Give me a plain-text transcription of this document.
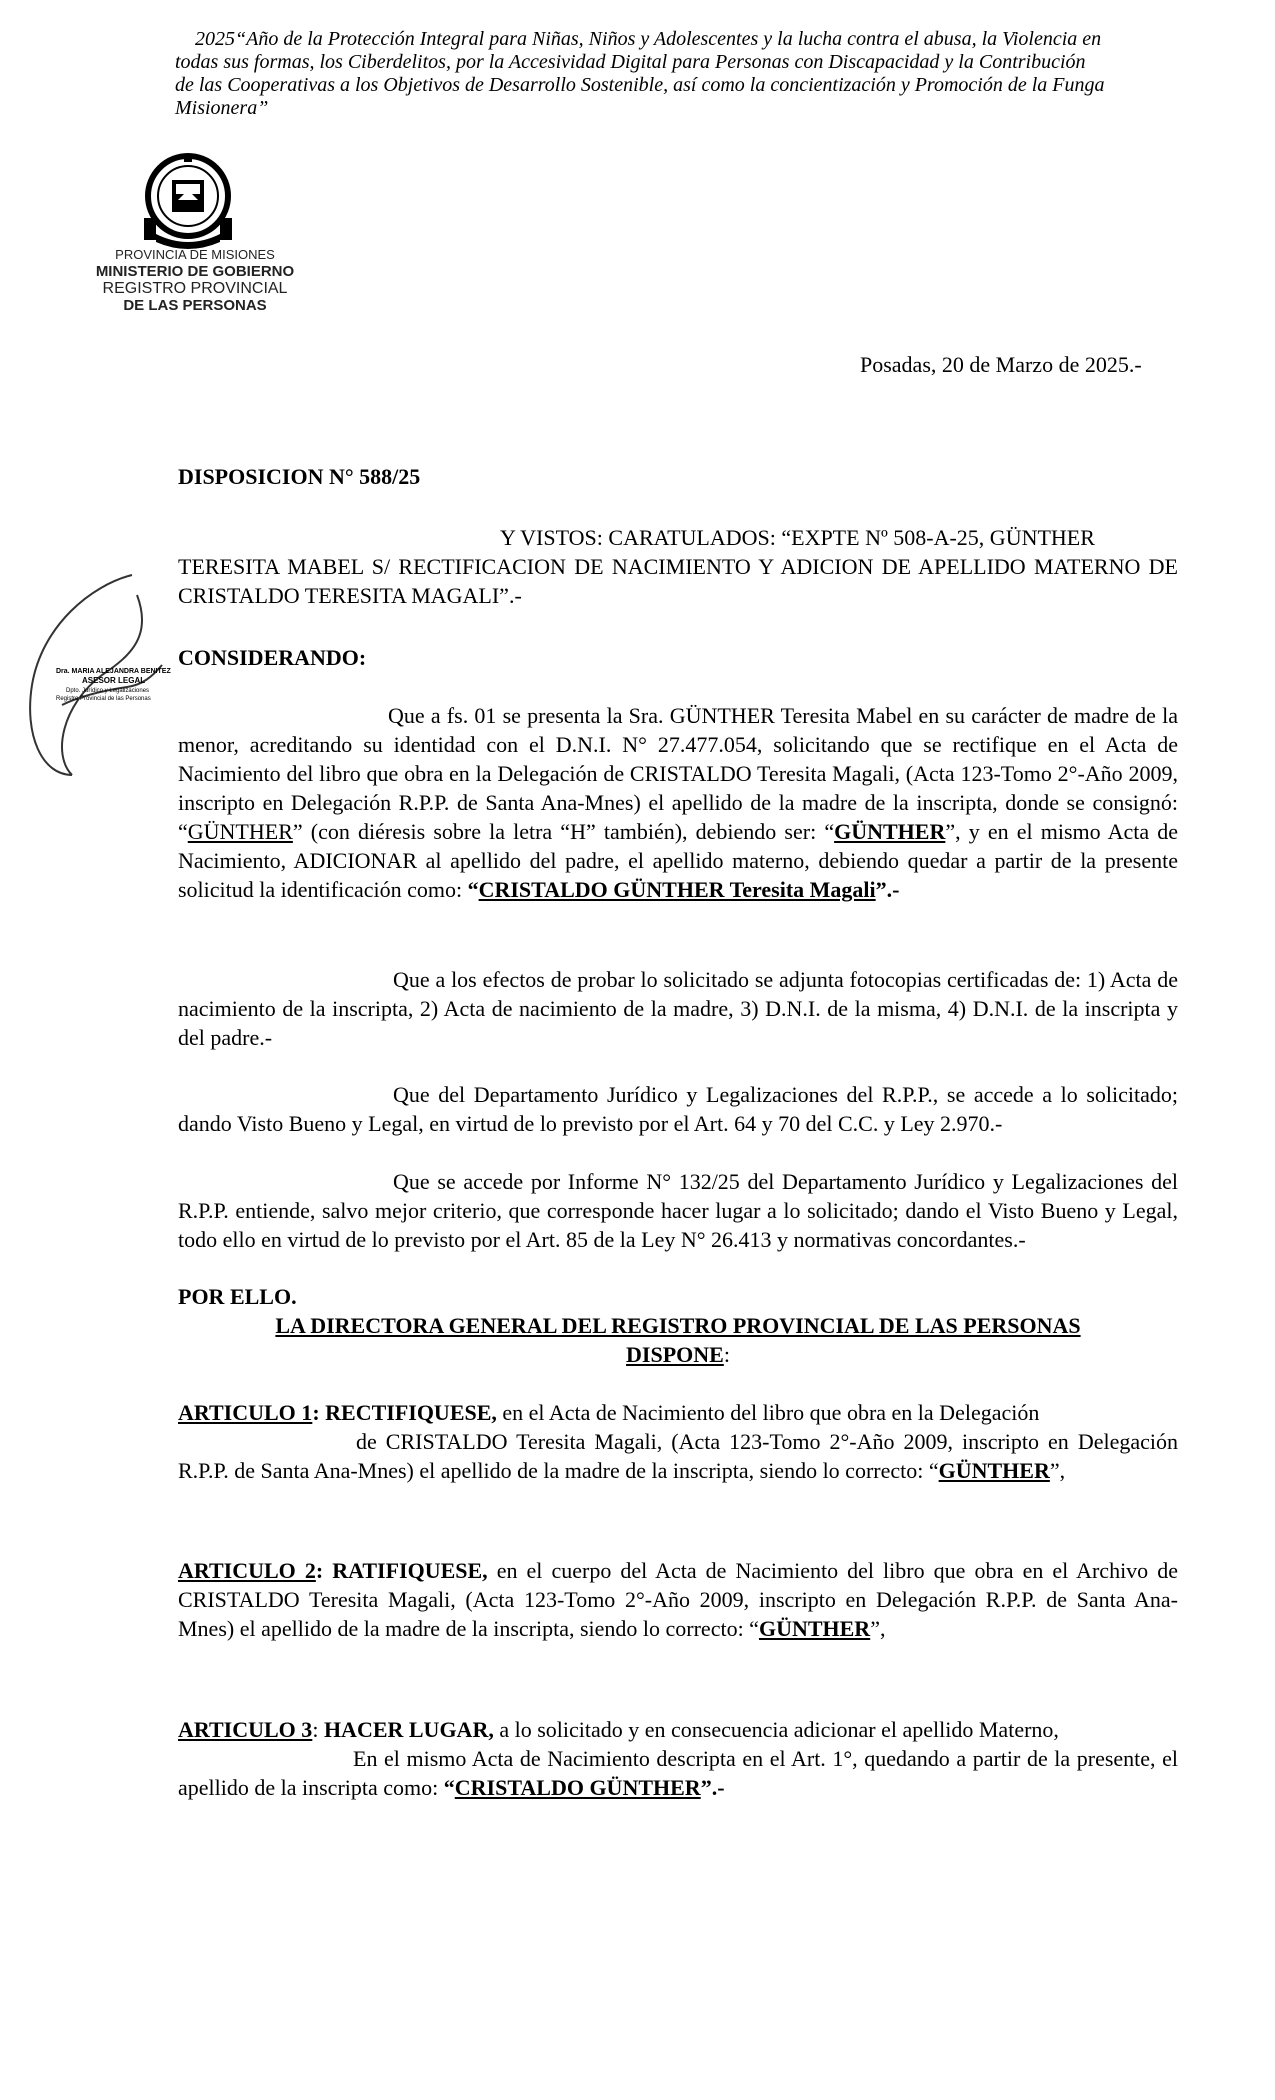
2025“Año de la Protección Integral para Niñas, Niños y Adolescentes y la lucha contra el abusa, la Violencia en
todas sus formas, los Ciberdelitos, por la Accesividad Digital para Personas con Discapacidad y la Contribución
de las Cooperativas a los Objetivos de Desarrollo Sostenible, así como la concientización y Promoción de la Funga
Misionera”
PROVINCIA DE MISIONES
MINISTERIO DE GOBIERNO
REGISTRO PROVINCIAL
DE LAS PERSONAS
Posadas, 20 de Marzo de 2025.-
DISPOSICION N° 588/25

Y VISTOS: CARATULADOS: “EXPTE Nº 508-A-25, GÜNTHER

TERESITA MABEL S/ RECTIFICACION DE NACIMIENTO Y ADICION DE APELLIDO MATERNO DE CRISTALDO TERESITA MAGALI”.-

CONSIDERANDO:

Que a fs. 01 se presenta la Sra. GÜNTHER Teresita Mabel en su carácter de madre de la menor, acreditando su identidad con el D.N.I. N° 27.477.054, solicitando que se rectifique en el Acta de Nacimiento del libro que obra en la Delegación de CRISTALDO Teresita Magali, (Acta 123-Tomo 2°-Año 2009, inscripto en Delegación R.P.P. de Santa Ana-Mnes) el apellido de la madre de la inscripta, donde se consignó: “GÜNTHER” (con diéresis sobre la letra “H” también), debiendo ser: “GÜNTHER”, y en el mismo Acta de Nacimiento, ADICIONAR al apellido del padre, el apellido materno, debiendo quedar a partir de la presente solicitud la identificación como: “CRISTALDO GÜNTHER Teresita Magali”.-

Que a los efectos de probar lo solicitado se adjunta fotocopias certificadas de: 1) Acta de nacimiento de la inscripta, 2) Acta de nacimiento de la madre, 3) D.N.I. de la misma, 4) D.N.I. de la inscripta y del padre.-

Que del Departamento Jurídico y Legalizaciones del R.P.P., se accede a lo solicitado; dando Visto Bueno y Legal, en virtud de lo previsto por el Art. 64 y 70 del C.C. y Ley 2.970.-

Que se accede por Informe N° 132/25 del Departamento Jurídico y Legalizaciones del R.P.P. entiende, salvo mejor criterio, que corresponde hacer lugar a lo solicitado; dando el Visto Bueno y Legal, todo ello en virtud de lo previsto por el Art. 85 de la Ley N° 26.413 y normativas concordantes.-

POR ELLO.
LA DIRECTORA GENERAL DEL REGISTRO PROVINCIAL DE LAS PERSONAS
DISPONE:

ARTICULO 1: RECTIFIQUESE, en el Acta de Nacimiento del libro que obra en la Delegación

de CRISTALDO Teresita Magali, (Acta 123-Tomo 2°-Año 2009, inscripto en Delegación R.P.P. de Santa Ana-Mnes) el apellido de la madre de la inscripta, siendo lo correcto: “GÜNTHER”,

ARTICULO 2: RATIFIQUESE, en el cuerpo del Acta de Nacimiento del libro que obra en el Archivo de CRISTALDO Teresita Magali, (Acta 123-Tomo 2°-Año 2009, inscripto en Delegación R.P.P. de Santa Ana-Mnes) el apellido de la madre de la inscripta, siendo lo correcto: “GÜNTHER”,

ARTICULO 3: HACER LUGAR, a lo solicitado y en consecuencia adicionar el apellido Materno,

En el mismo Acta de Nacimiento descripta en el Art. 1°, quedando a partir de la presente, el apellido de la inscripta como: “CRISTALDO GÜNTHER”.-

Dra. MARIA ALEJANDRA BENITEZ
ASESOR LEGAL
Dpto. Jurídico y Legalizaciones
Registro Provincial de las Personas
